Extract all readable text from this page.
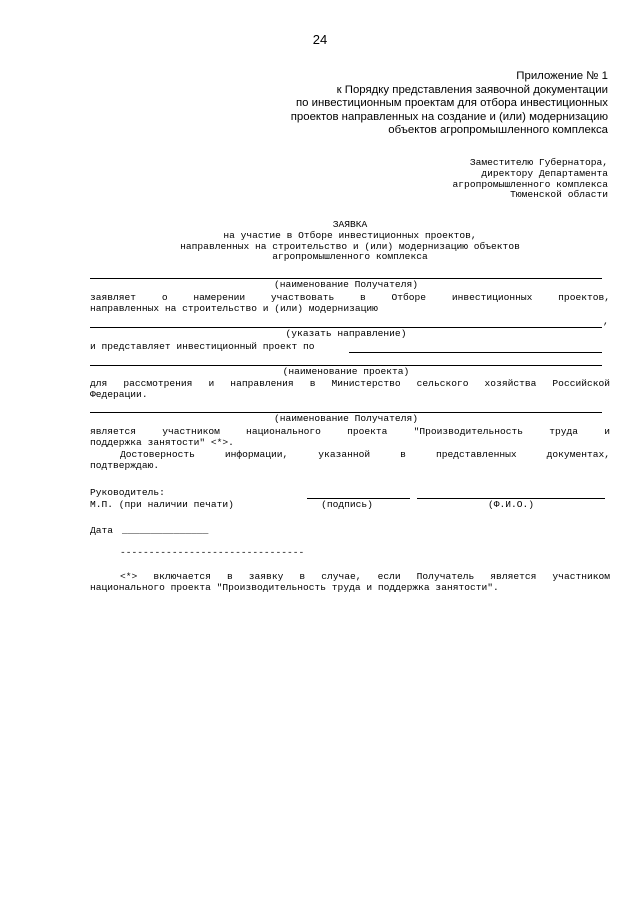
24
Приложение № 1
к Порядку представления заявочной документации
по инвестиционным проектам для отбора инвестиционных
проектов направленных на создание и (или) модернизацию
объектов агропромышленного комплекса
Заместителю Губернатора,
директору Департамента
агропромышленного комплекса
Тюменской области
ЗАЯВКА
на участие в Отборе инвестиционных проектов,
направленных на строительство и (или) модернизацию объектов
агропромышленного комплекса
(наименование Получателя)
заявляет о намерении участвовать в Отборе инвестиционных проектов,
направленных на строительство и (или) модернизацию
,
(указать направление)
и представляет инвестиционный проект по
(наименование проекта)
для рассмотрения и направления в Министерство сельского хозяйства Российской
Федерации.
(наименование Получателя)
является участником национального проекта "Производительность труда и
поддержка занятости" <*>.
Достоверность информации, указанной в представленных документах,
подтверждаю.
Руководитель:
М.П. (при наличии печати)	(подпись)	(Ф.И.О.)
Дата _______________
--------------------------------
<*> включается в заявку в случае, если Получатель является участником
национального проекта "Производительность труда и поддержка занятости".
